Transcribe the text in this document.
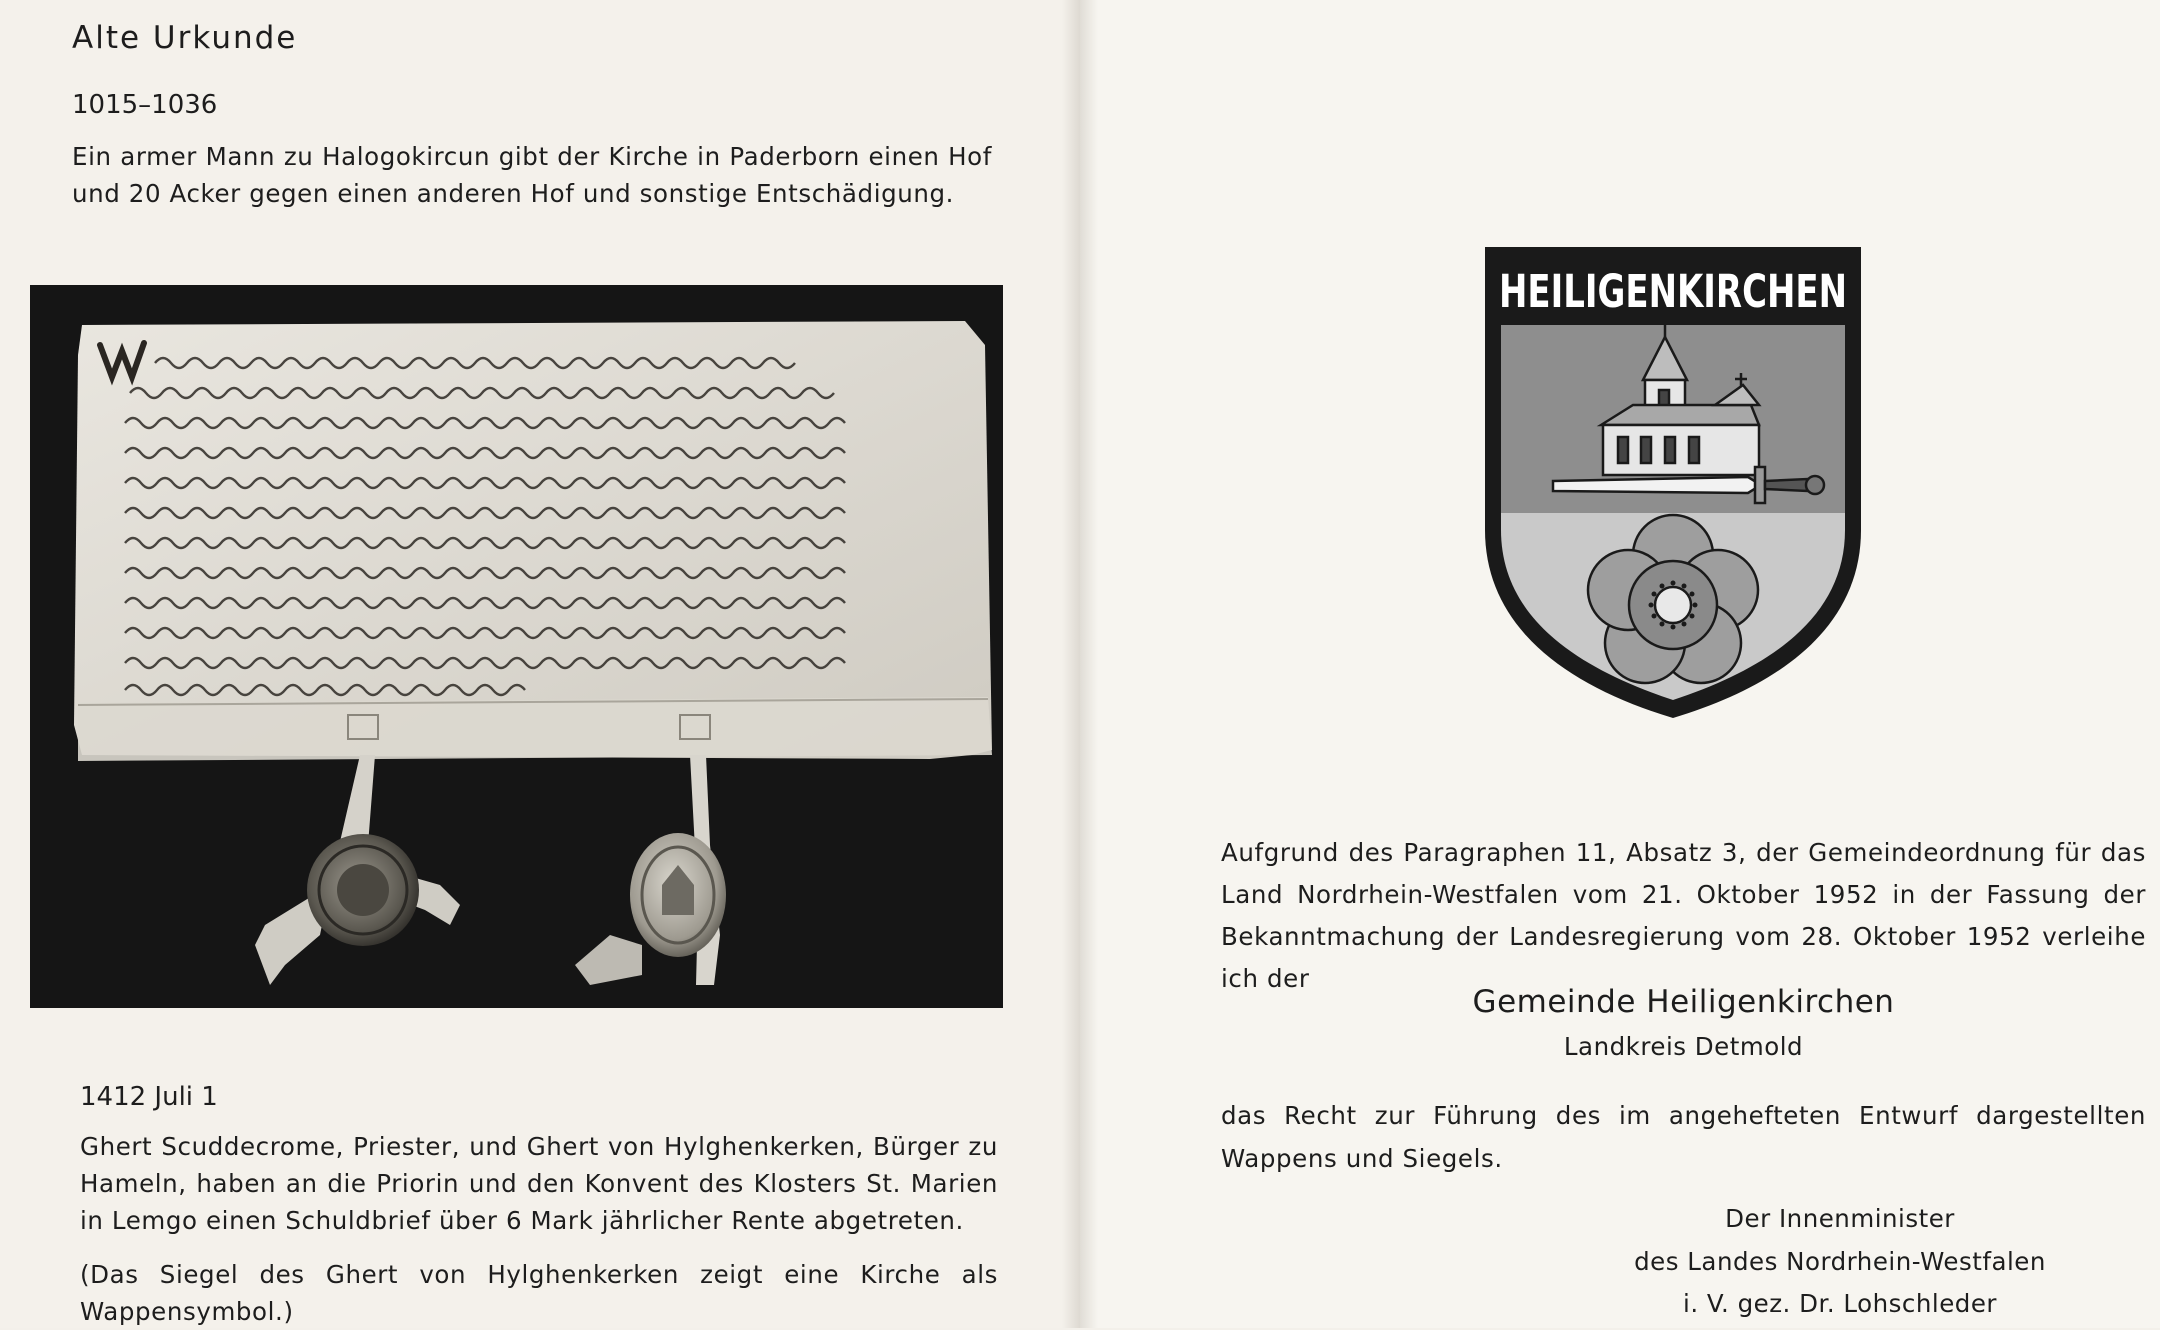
Alte Urkunde
1015–1036
Ein armer Mann zu Halogokircun gibt der Kirche in Paderborn einen Hof und 20 Acker gegen einen anderen Hof und sonstige Entschädigung.
1412 Juli 1
Ghert Scuddecrome, Priester, und Ghert von Hylghenkerken, Bürger zu Hameln, haben an die Priorin und den Konvent des Klosters St. Marien in Lemgo einen Schuldbrief über 6 Mark jährlicher Rente abgetreten.
(Das Siegel des Ghert von Hylghenkerken zeigt eine Kirche als Wappensymbol.)
HEILIGENKIRCHEN
Aufgrund des Paragraphen 11, Absatz 3, der Gemeindeordnung für das Land Nordrhein-Westfalen vom 21. Oktober 1952 in der Fassung der Bekanntmachung der Landesregierung vom 28. Oktober 1952 verleihe ich der
Gemeinde Heiligenkirchen
Landkreis Detmold
das Recht zur Führung des im angehefteten Entwurf dargestellten Wappens und Siegels.
Der Innenminister
des Landes Nordrhein-Westfalen
i. V. gez. Dr. Lohschleder
